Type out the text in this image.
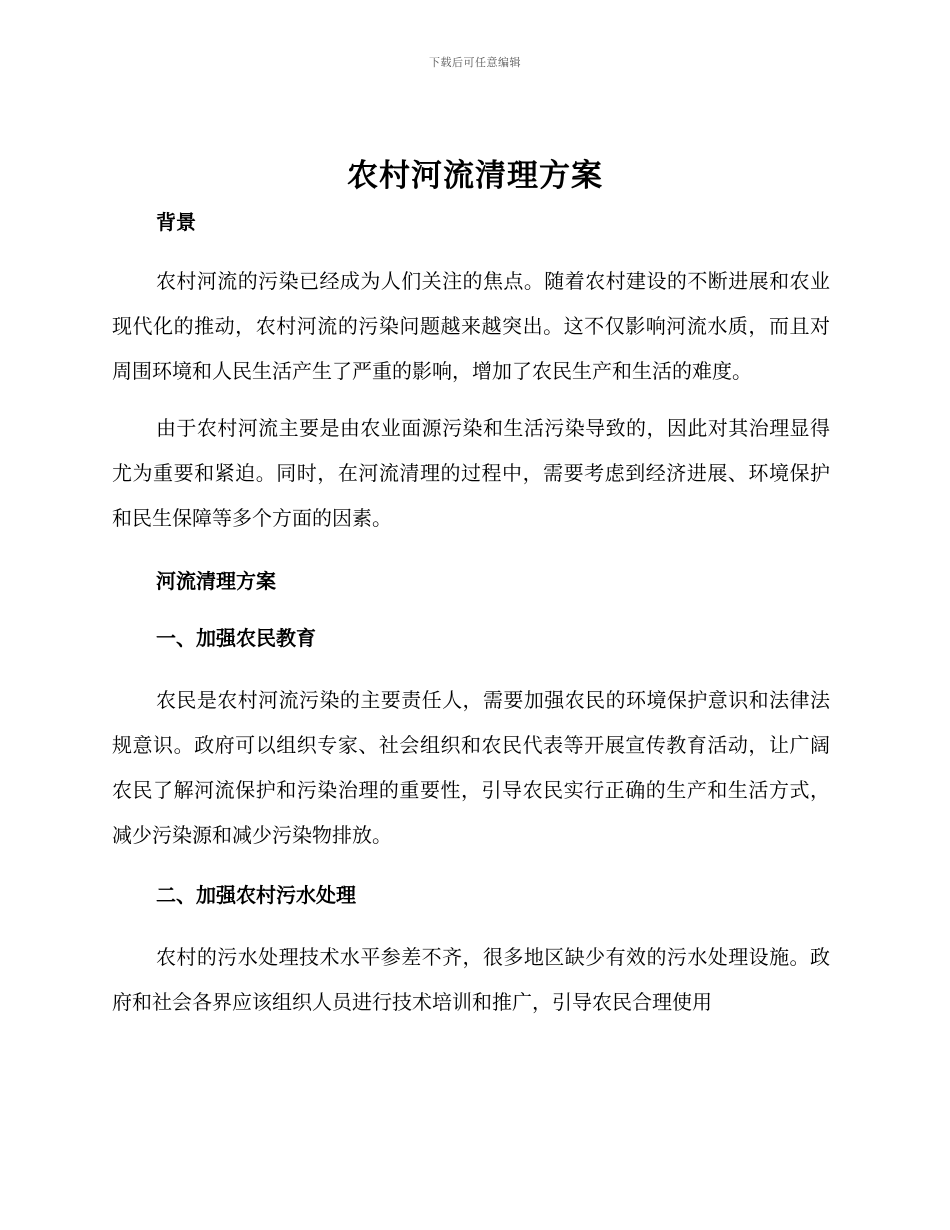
下载后可任意编辑
农村河流清理方案
背景

农村河流的污染已经成为人们关注的焦点。随着农村建设的不断进展和农业现代化的推动，农村河流的污染问题越来越突出。这不仅影响河流水质，而且对周围环境和人民生活产生了严重的影响，增加了农民生产和生活的难度。

由于农村河流主要是由农业面源污染和生活污染导致的，因此对其治理显得尤为重要和紧迫。同时，在河流清理的过程中，需要考虑到经济进展、环境保护和民生保障等多个方面的因素。

河流清理方案
一、加强农民教育

农民是农村河流污染的主要责任人，需要加强农民的环境保护意识和法律法规意识。政府可以组织专家、社会组织和农民代表等开展宣传教育活动，让广阔农民了解河流保护和污染治理的重要性，引导农民实行正确的生产和生活方式，减少污染源和减少污染物排放。

二、加强农村污水处理

农村的污水处理技术水平参差不齐，很多地区缺少有效的污水处理设施。政府和社会各界应该组织人员进行技术培训和推广，引导农民合理使用
